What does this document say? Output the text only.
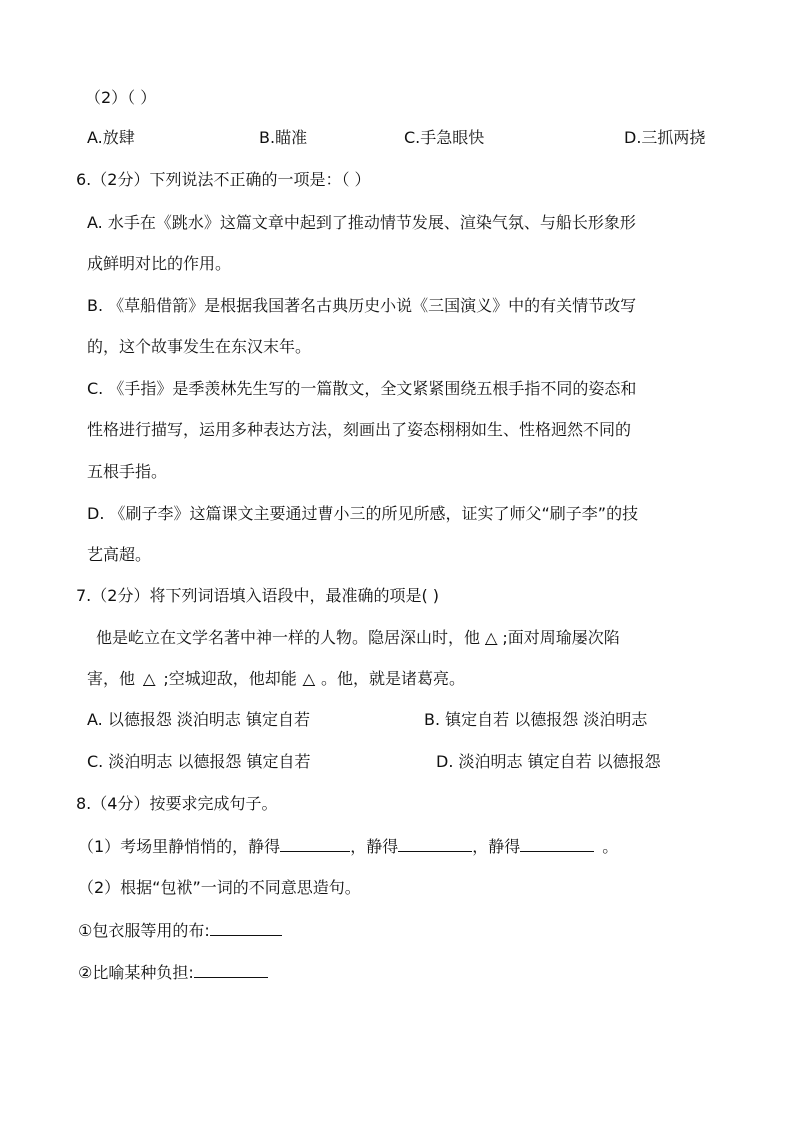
（2）（ ）
A.放肆	B.瞄准	C.手急眼快	D.三抓两挠
6.（2分）下列说法不正确的一项是：（ ）
A. 水手在《跳水》这篇文章中起到了推动情节发展、渲染气氛、与船长形象形
成鲜明对比的作用。
B. 《草船借箭》是根据我国著名古典历史小说《三国演义》中的有关情节改写
的，这个故事发生在东汉末年。
C. 《手指》是季羡林先生写的一篇散文，全文紧紧围绕五根手指不同的姿态和
性格进行描写，运用多种表达方法，刻画出了姿态栩栩如生、性格迥然不同的
五根手指。
D. 《刷子李》这篇课文主要通过曹小三的所见所感，证实了师父“刷子李”的技
艺高超。
7.（2分）将下列词语填入语段中，最准确的项是( )
他是屹立在文学名著中神一样的人物。隐居深山时，他 △ ;面对周瑜屡次陷
害，他 △ ;空城迎敌，他却能 △ 。他，就是诸葛亮。
A. 以德报怨 淡泊明志 镇定自若	B. 镇定自若 以德报怨 淡泊明志
C. 淡泊明志 以德报怨 镇定自若	D. 淡泊明志 镇定自若 以德报怨
8.（4分）按要求完成句子。
（1）考场里静悄悄的，静得	，静得	，静得	。
（2）根据“包袱”一词的不同意思造句。
①包衣服等用的布:
②比喻某种负担:
